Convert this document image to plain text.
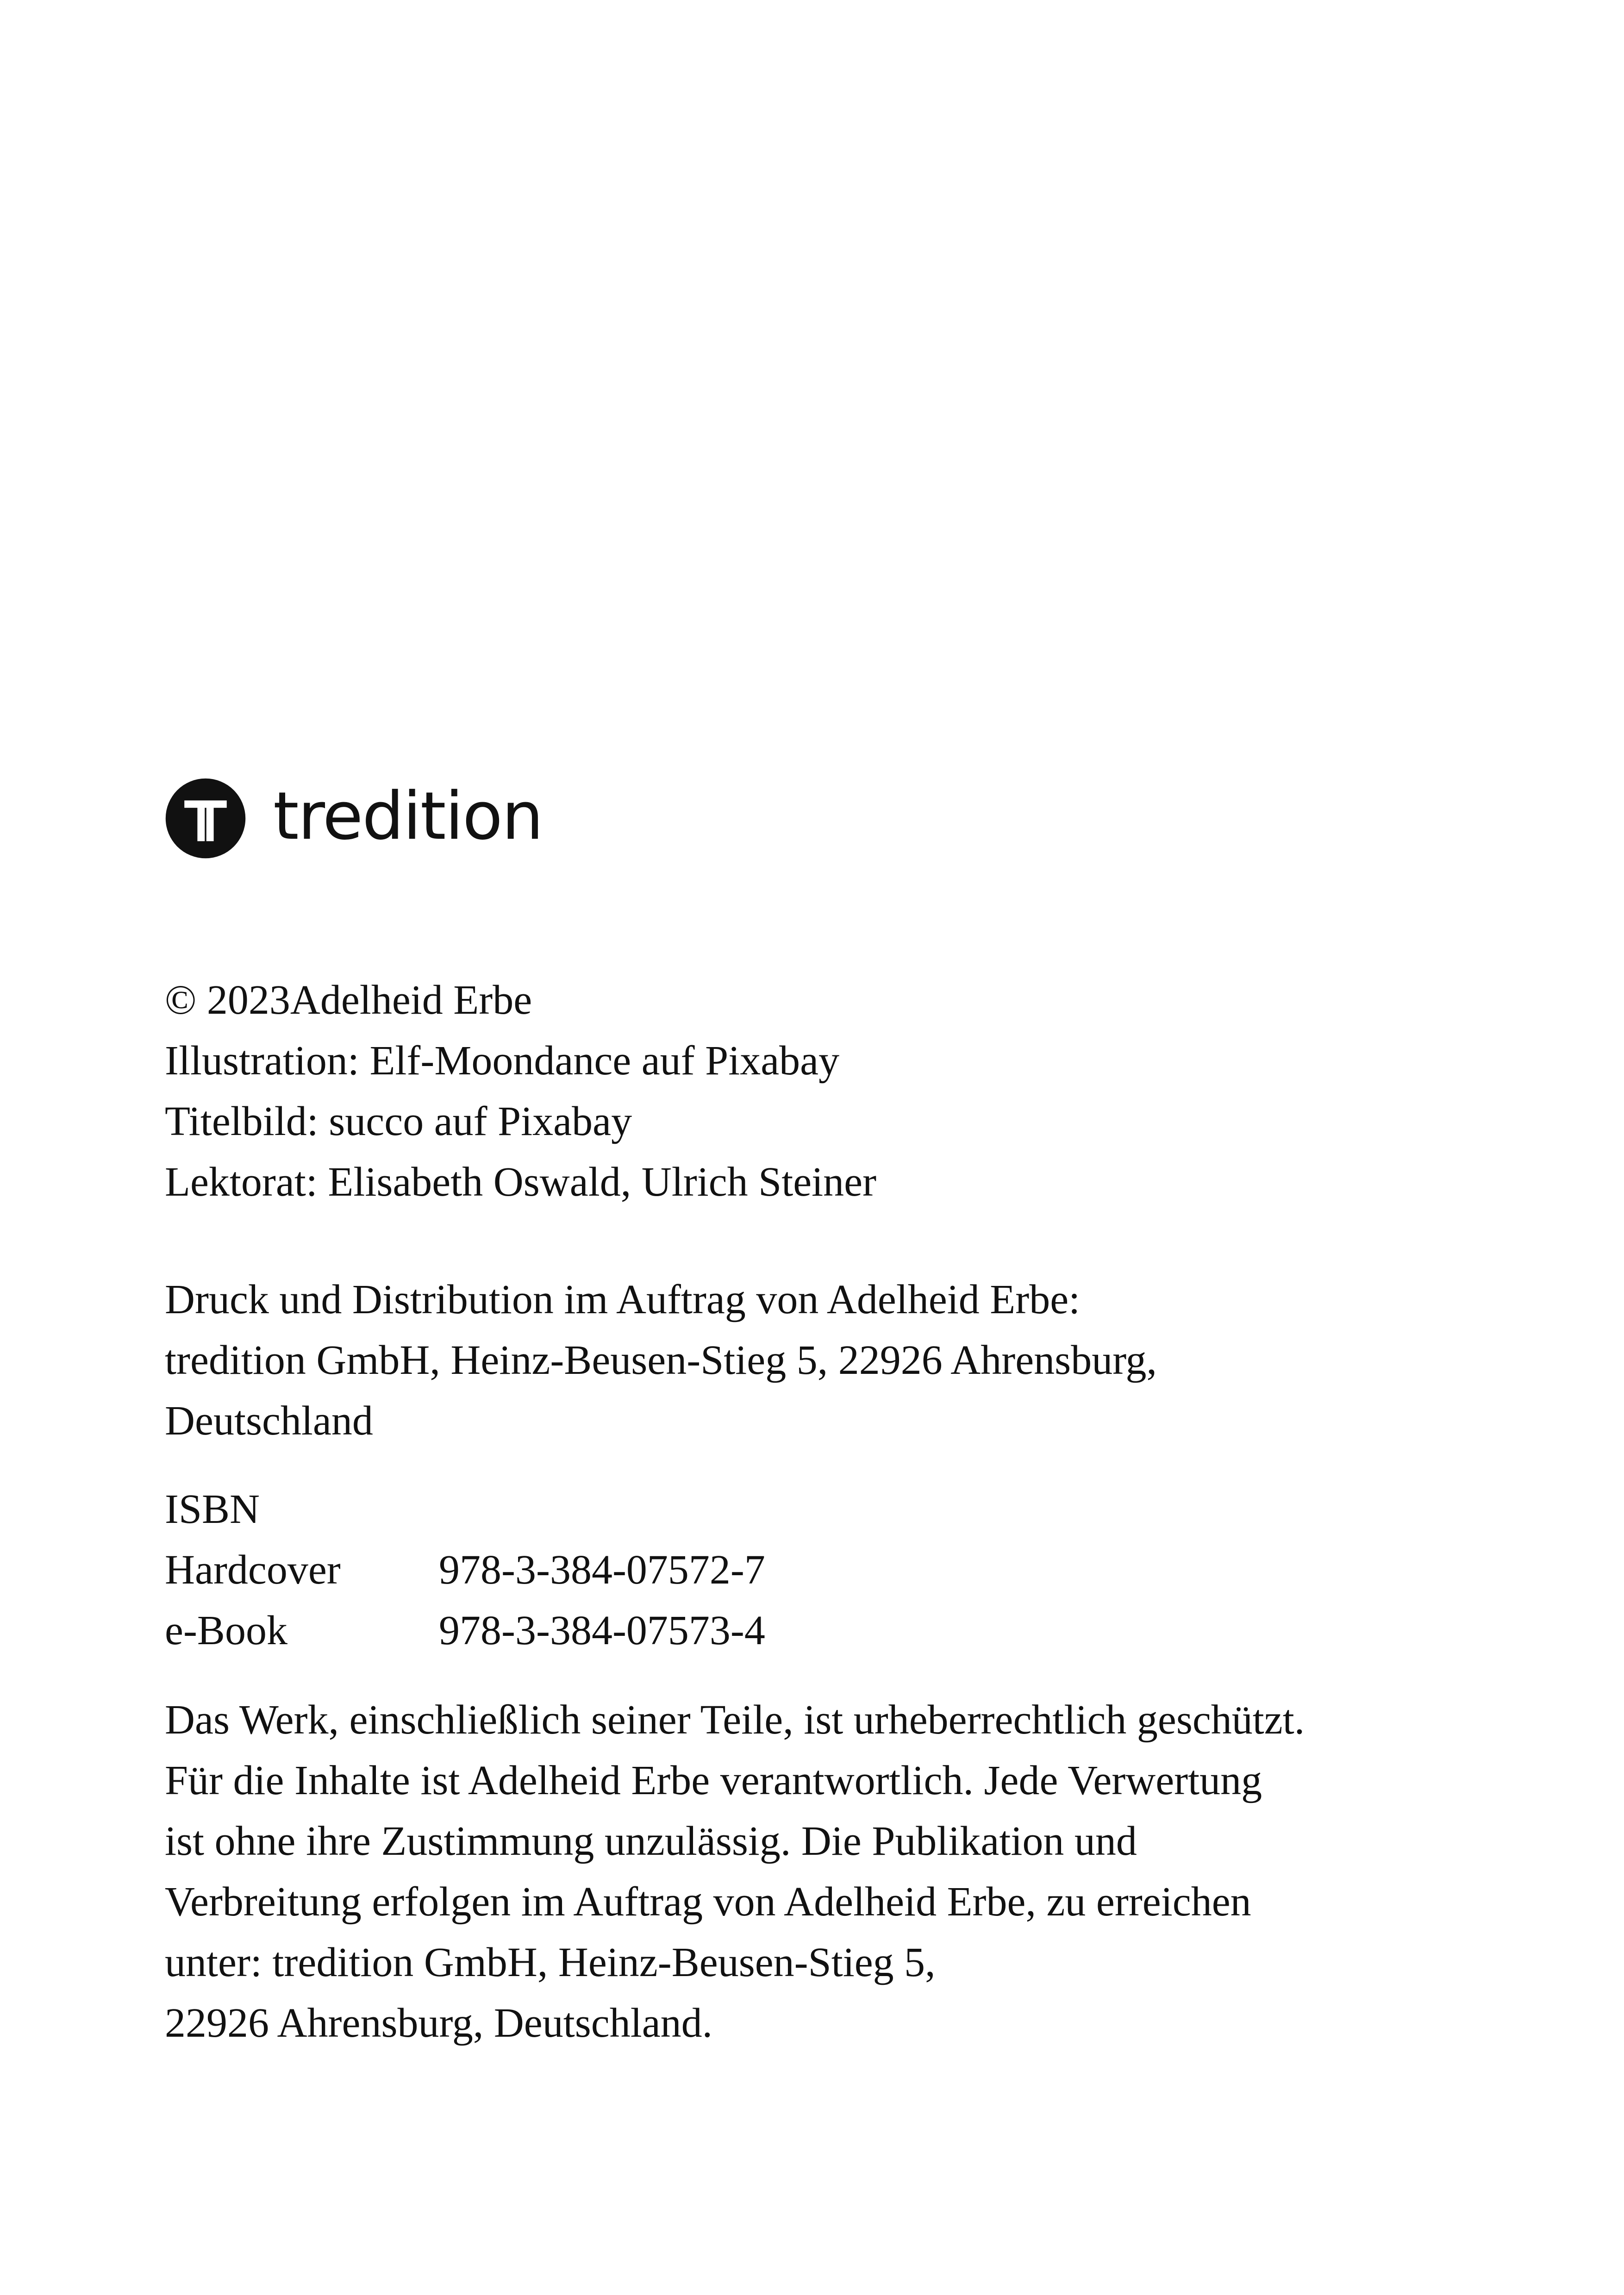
tredition
© 2023Adelheid Erbe
Illustration: Elf-Moondance auf Pixabay
Titelbild: succo auf Pixabay
Lektorat: Elisabeth Oswald, Ulrich Steiner
Druck und Distribution im Auftrag von Adelheid Erbe:
tredition GmbH, Heinz-Beusen-Stieg 5, 22926 Ahrensburg,
Deutschland
ISBN
Hardcover	978-3-384-07572-7
e-Book	978-3-384-07573-4
Das Werk, einschließlich seiner Teile, ist urheberrechtlich geschützt.
Für die Inhalte ist Adelheid Erbe verantwortlich. Jede Verwertung
ist ohne ihre Zustimmung unzulässig. Die Publikation und
Verbreitung erfolgen im Auftrag von Adelheid Erbe, zu erreichen
unter: tredition GmbH, Heinz-Beusen-Stieg 5,
22926 Ahrensburg, Deutschland.
